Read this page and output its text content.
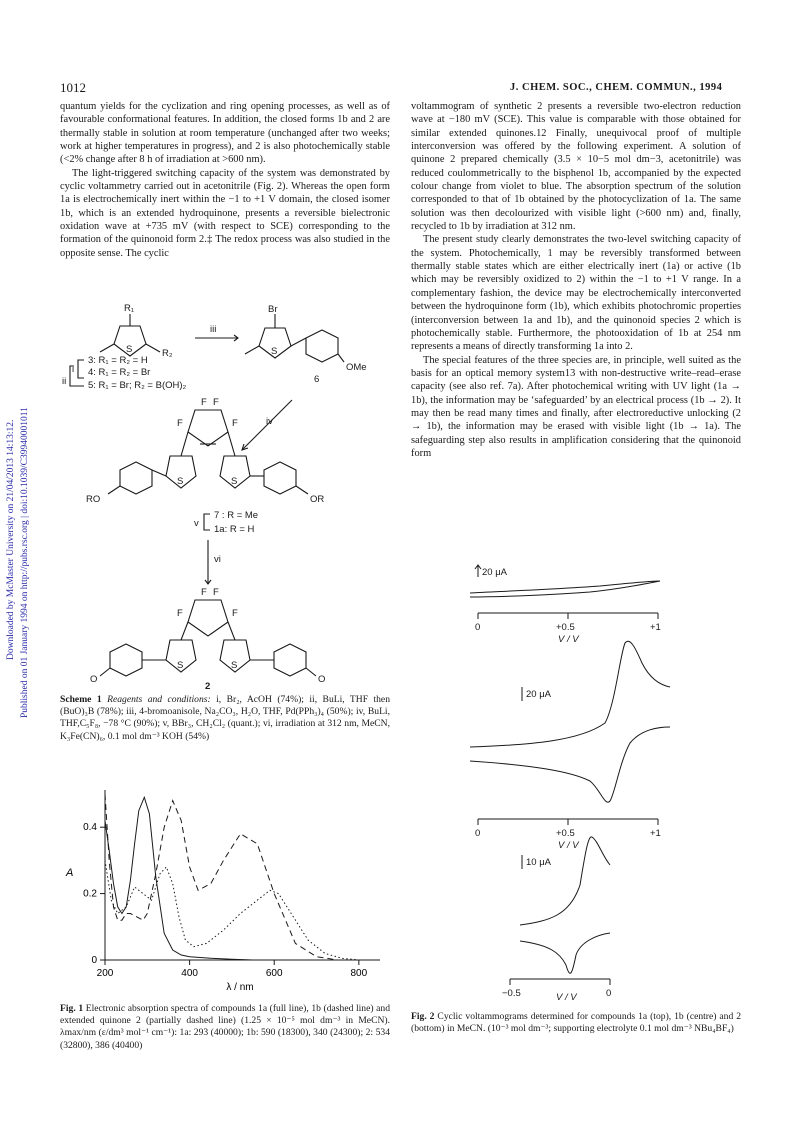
1012	J. CHEM. SOC., CHEM. COMMUN., 1994
Downloaded by McMaster University on 21/04/2013 14:13:12. Published on 01 January 1994 on http://pubs.rsc.org | doi:10.1039/C39940001011

quantum yields for the cyclization and ring opening processes, as well as of favourable conformational features. In addition, the closed forms 1b and 2 are thermally stable in solution at room temperature (unchanged after two weeks; work at higher temperatures in progress), and 2 is also photochemically stable (<2% change after 8 h of irradiation at >600 nm).

The light-triggered switching capacity of the system was demonstrated by cyclic voltammetry carried out in acetonitrile (Fig. 2). Whereas the open form 1a is electrochemically inert within the −1 to +1 V domain, the closed isomer 1b, which is an extended hydroquinone, presents a reversible bielectronic oxidation wave at +735 mV (with respect to SCE) corresponding to the formation of the quinonoid form 2.‡ The redox process was also studied in the opposite sense. The cyclic

voltammogram of synthetic 2 presents a reversible two-electron reduction wave at −180 mV (SCE). This value is comparable with those obtained for similar extended quinones.12 Finally, unequivocal proof of multiple interconversion was offered by the following experiment. A solution of quinone 2 prepared chemically (3.5 × 10−5 mol dm−3, acetonitrile) was reduced coulommetrically to the bisphenol 1b, accompanied by the expected colour change from violet to blue. The absorption spectrum of the solution corresponded to that of 1b obtained by the photocyclization of 1a. The same solution was then decolourized with visible light (>600 nm) and, finally, recycled to 1b by irradiation at 312 nm.

The present study clearly demonstrates the two-level switching capacity of the system. Photochemically, 1 may be reversibly transformed between thermally stable states which are either electrically inert (1a) or active (1b which may be reversibly oxidized to 2) within the −1 to +1 V range. In a complementary fashion, the device may be electrochemically interconverted between the hydroquinone form (1b), which exhibits photochromic properties (interconversion between 1a and 1b), and the quinonoid species 2 which is photochemically stable. Furthermore, the photooxidation of 1b at 254 nm represents a means of directly transforming 1a into 2.

The special features of the three species are, in principle, well suited as the basis for an optical memory system13 with non-destructive write–read–erase capacity (see also ref. 7a). After photochemical writing with UV light (1a → 1b), the information may be ‘safeguarded’ by an electrical process (1b → 2). It may then be read many times and finally, after electroreductive unlocking (2 → 1b), the information may be erased with visible light (1b → 1a). The safeguarding step also results in amplification considering that the quinonoid form

R₁
R₂
S
iii
Br
S
OMe
6
3: R₁ = R₂ = H
4: R₁ = R₂ = Br
5: R₁ = Br; R₂ = B(OH)₂
i
ii
iv
F F
F	F
S	S
RO	OR
7 : R = Me
1a: R = H
v
vi
F F
F	F
S	S
O	O
2
Scheme 1 Reagents and conditions: i, Br₂, AcOH (74%); ii, BuLi, THF then (BuO)₃B (78%); iii, 4-bromoanisole, Na₂CO₃, H₂O, THF, Pd(PPh₃)₄ (50%); iv, BuLi, THF,C₅F₈, −78 °C (90%); v, BBr₃, CH₂Cl₂ (quant.); vi, irradiation at 312 nm, MeCN, K₃Fe(CN)₆, 0.1 mol dm⁻³ KOH (54%)
200	400	600	800
0
0.2
0.4
A
λ / nm
Fig. 1 Electronic absorption spectra of compounds 1a (full line), 1b (dashed line) and extended quinone 2 (partially dashed line) (1.25 × 10⁻⁵ mol dm⁻³ in MeCN). λmax/nm (ε/dm³ mol⁻¹ cm⁻¹): 1a: 293 (40000); 1b: 590 (18300), 340 (24300); 2: 534 (32800), 386 (40400)
20 μA
0	+0.5	+1
V / V
20 μA
0	+0.5	+1
V / V
10 μA
−0.5	0
V / V
Fig. 2 Cyclic voltammograms determined for compounds 1a (top), 1b (centre) and 2 (bottom) in MeCN. (10⁻³ mol dm⁻³; supporting electrolyte 0.1 mol dm⁻³ NBu₄BF₄)
